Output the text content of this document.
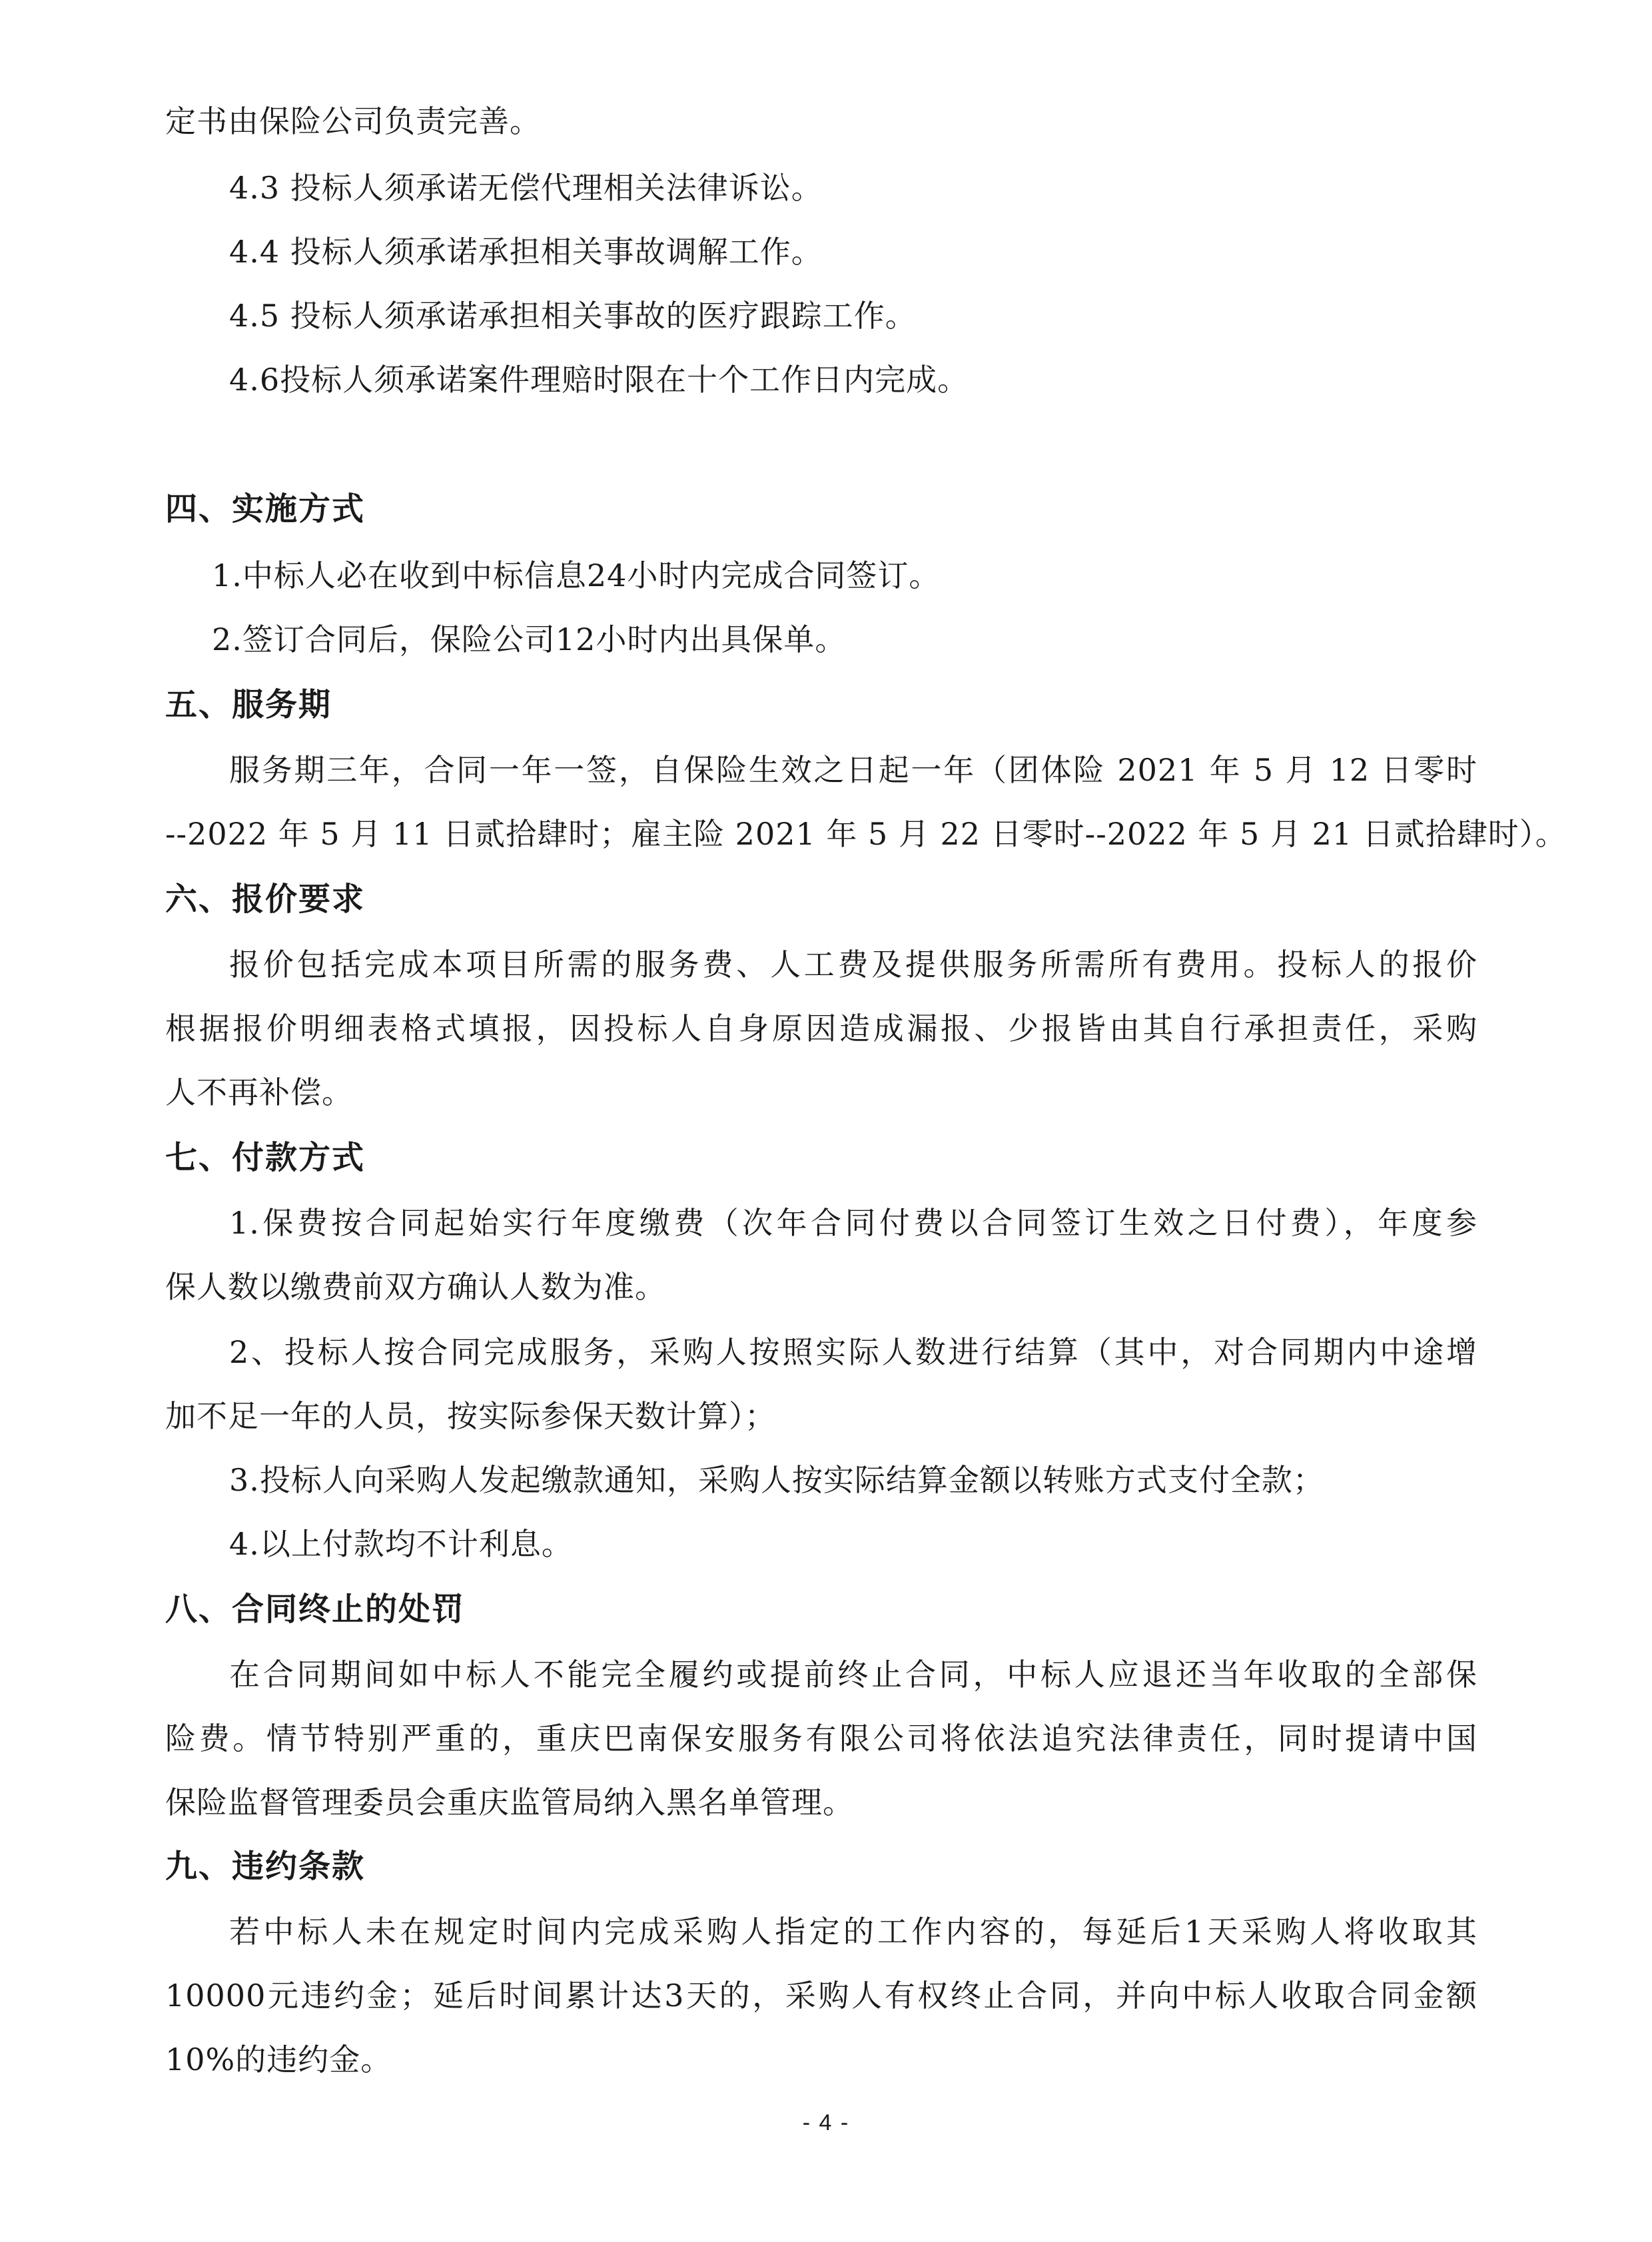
定书由保险公司负责完善。
4.3 投标人须承诺无偿代理相关法律诉讼。
4.4 投标人须承诺承担相关事故调解工作。
4.5 投标人须承诺承担相关事故的医疗跟踪工作。
4.6投标人须承诺案件理赔时限在十个工作日内完成。
四、实施方式
1.中标人必在收到中标信息24小时内完成合同签订。
2.签订合同后，保险公司12小时内出具保单。
五、服务期
服务期三年，合同一年一签，自保险生效之日起一年（团体险 2021 年 5 月 12 日零时
--2022 年 5 月 11 日贰拾肆时；雇主险 2021 年 5 月 22 日零时--2022 年 5 月 21 日贰拾肆时）。
六、报价要求
报价包括完成本项目所需的服务费、人工费及提供服务所需所有费用。投标人的报价
根据报价明细表格式填报，因投标人自身原因造成漏报、少报皆由其自行承担责任，采购
人不再补偿。
七、付款方式
1.保费按合同起始实行年度缴费（次年合同付费以合同签订生效之日付费），年度参
保人数以缴费前双方确认人数为准。
2、投标人按合同完成服务，采购人按照实际人数进行结算（其中，对合同期内中途增
加不足一年的人员，按实际参保天数计算）；
3.投标人向采购人发起缴款通知，采购人按实际结算金额以转账方式支付全款；
4.以上付款均不计利息。
八、合同终止的处罚
在合同期间如中标人不能完全履约或提前终止合同，中标人应退还当年收取的全部保
险费。情节特别严重的，重庆巴南保安服务有限公司将依法追究法律责任，同时提请中国
保险监督管理委员会重庆监管局纳入黑名单管理。
九、违约条款
若中标人未在规定时间内完成采购人指定的工作内容的，每延后1天采购人将收取其
10000元违约金；延后时间累计达3天的，采购人有权终止合同，并向中标人收取合同金额
10%的违约金。
- 4 -
